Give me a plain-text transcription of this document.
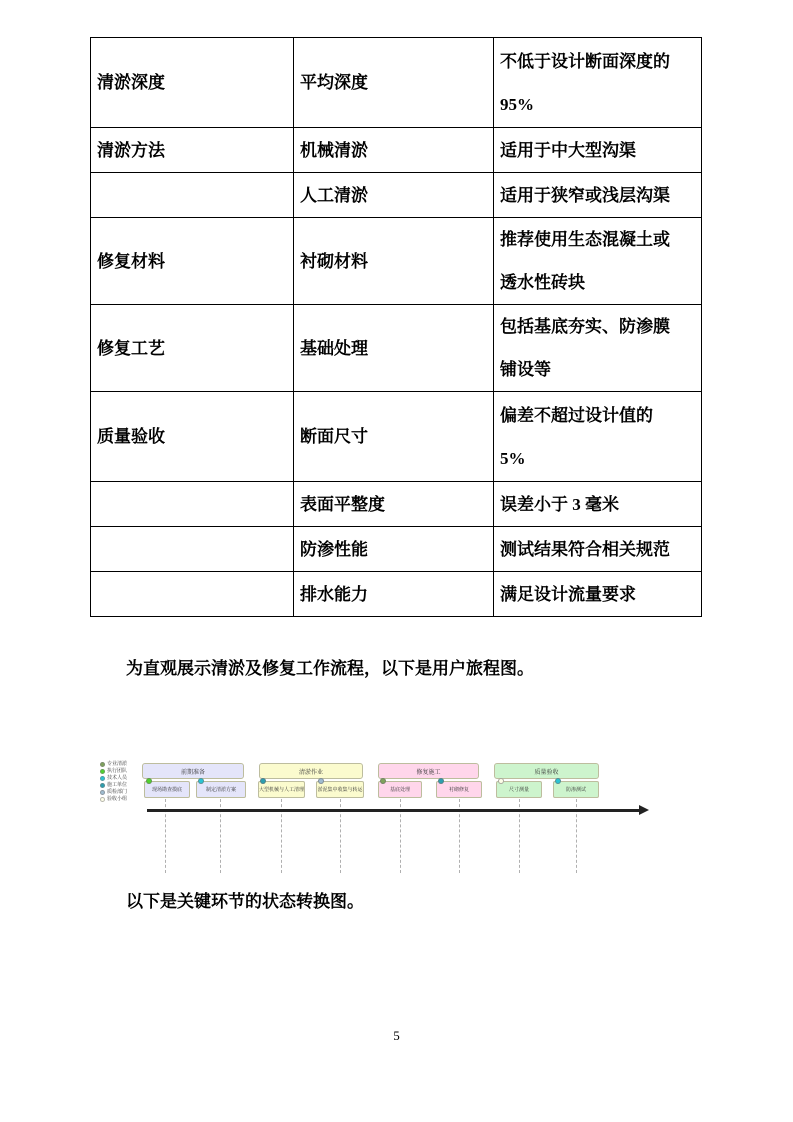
清淤深度	平均深度	不低于设计断面深度的 95%
清淤方法	机械清淤	适用于中大型沟渠
	人工清淤	适用于狭窄或浅层沟渠
修复材料	衬砌材料	推荐使用生态混凝土或透水性砖块
修复工艺	基础处理	包括基底夯实、防渗膜铺设等
质量验收	断面尺寸	偏差不超过设计值的 5%
	表面平整度	误差小于 3 毫米
	防渗性能	测试结果符合相关规范
	排水能力	满足设计流量要求
为直观展示清淤及修复工作流程，以下是用户旅程图。
专业清淤
执行团队
技术人员
施工单位
质检部门
验收小组
前期准备	清淤作业	修复施工	质量验收
现场勘查摸底	制定清淤方案	大型机械与人工清理	淤泥集中收集与转运	基底处理	衬砌修复	尺寸测量	防渗测试
以下是关键环节的状态转换图。
5
